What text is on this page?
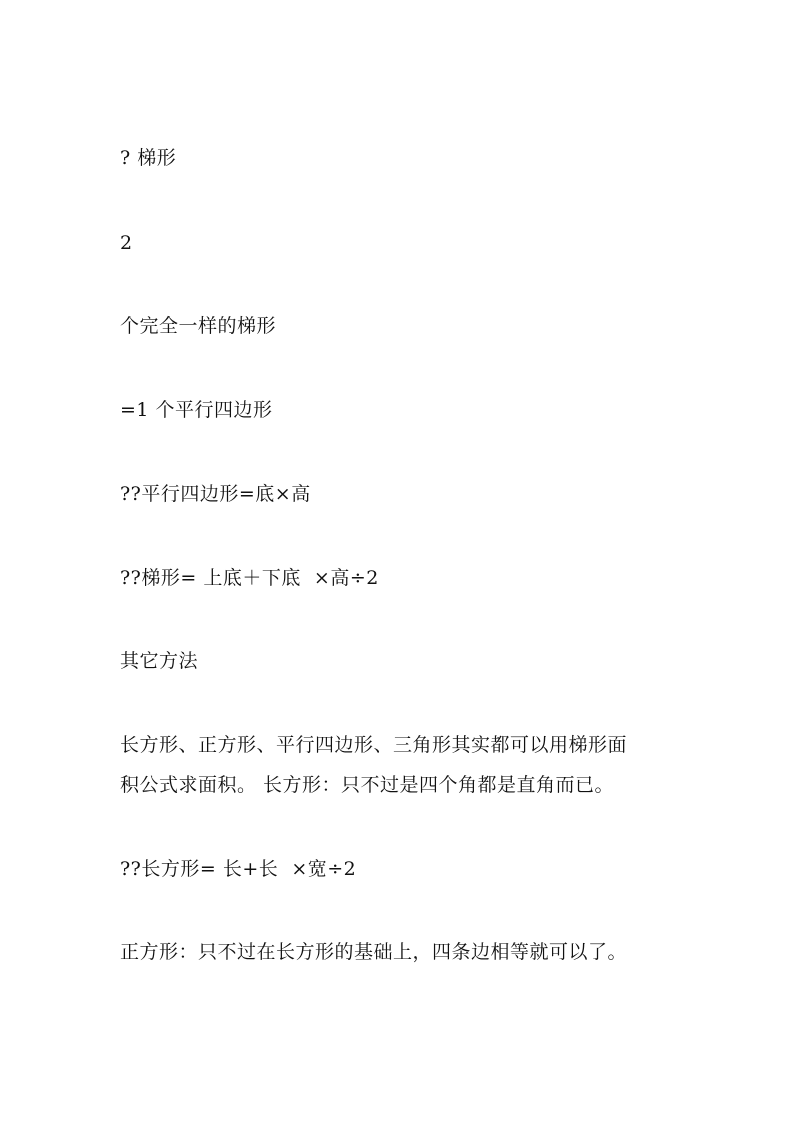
? 梯形
2
个完全一样的梯形
=1 个平行四边形
??平行四边形=底×高
??梯形= 上底＋下底  ×高÷2
其它方法
长方形、正方形、平行四边形、三角形其实都可以用梯形面
积公式求面积。 长方形：只不过是四个角都是直角而已。
??长方形= 长+长  ×宽÷2
正方形：只不过在长方形的基础上，四条边相等就可以了。
